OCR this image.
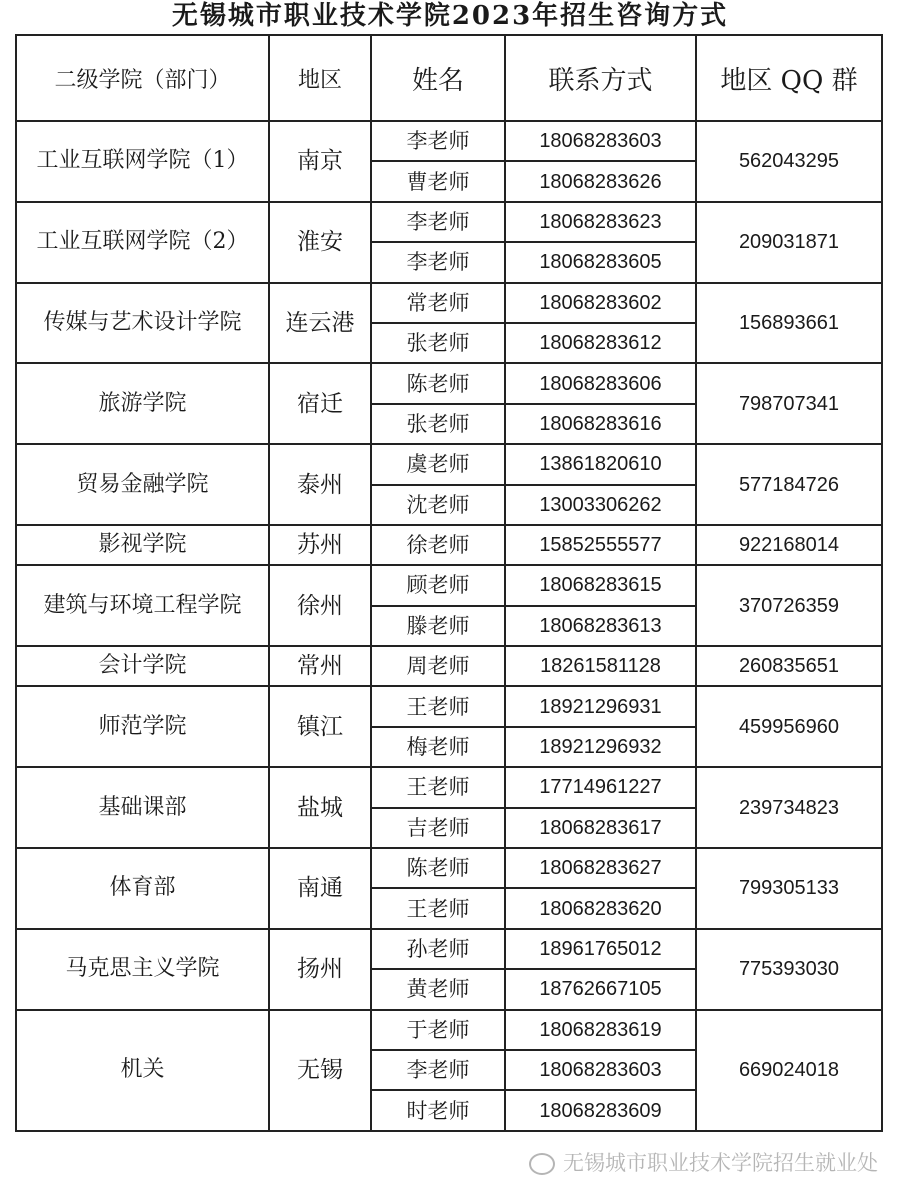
无锡城市职业技术学院2023年招生咨询方式
二级学院（部门）	地区	姓名	联系方式	地区 QQ 群
工业互联网学院（1）	南京	李老师	18068283603	562043295
		曹老师	18068283626	
工业互联网学院（2）	淮安	李老师	18068283623	209031871
		李老师	18068283605	
传媒与艺术设计学院	连云港	常老师	18068283602	156893661
		张老师	18068283612	
旅游学院	宿迁	陈老师	18068283606	798707341
		张老师	18068283616	
贸易金融学院	泰州	虞老师	13861820610	577184726
		沈老师	13003306262	
影视学院	苏州	徐老师	15852555577	922168014
建筑与环境工程学院	徐州	顾老师	18068283615	370726359
		滕老师	18068283613	
会计学院	常州	周老师	18261581128	260835651
师范学院	镇江	王老师	18921296931	459956960
		梅老师	18921296932	
基础课部	盐城	王老师	17714961227	239734823
		吉老师	18068283617	
体育部	南通	陈老师	18068283627	799305133
		王老师	18068283620	
马克思主义学院	扬州	孙老师	18961765012	775393030
		黄老师	18762667105	
机关	无锡	于老师	18068283619	669024018
		李老师	18068283603	
		时老师	18068283609	
无锡城市职业技术学院招生就业处
